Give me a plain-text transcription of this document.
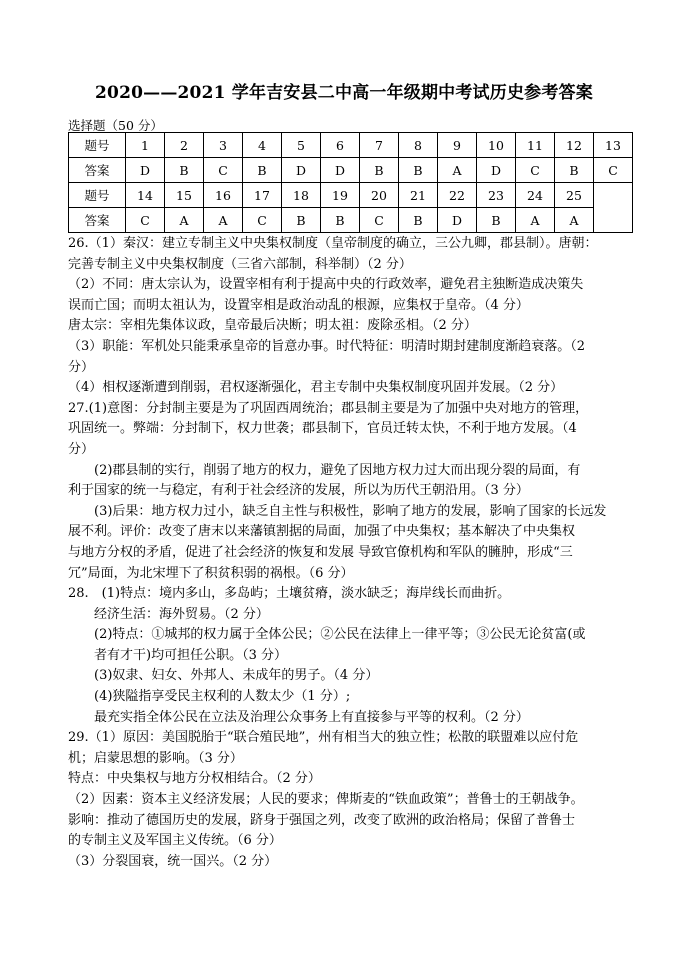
2020——2021 学年吉安县二中高一年级期中考试历史参考答案
选择题（50 分）
题号	1	2	3	4	5	6	7	8	9	10	11	12	13
答案	D	B	C	B	D	D	B	B	A	D	C	B	C
题号	14	15	16	17	18	19	20	21	22	23	24	25	
答案	C	A	A	C	B	B	C	B	D	B	A	A	

26.（1）秦汉：建立专制主义中央集权制度（皇帝制度的确立，三公九卿，郡县制）。唐朝：

完善专制主义中央集权制度（三省六部制，科举制）（2 分）

（2）不同：唐太宗认为，设置宰相有利于提高中央的行政效率，避免君主独断造成决策失

误而亡国；而明太祖认为，设置宰相是政治动乱的根源，应集权于皇帝。（4 分）

唐太宗：宰相先集体议政，皇帝最后决断；明太祖：废除丞相。（2 分）

（3）职能：军机处只能秉承皇帝的旨意办事。时代特征：明清时期封建制度渐趋衰落。（2

分）

（4）相权逐渐遭到削弱，君权逐渐强化，君主专制中央集权制度巩固并发展。（2 分）

27.(1)意图：分封制主要是为了巩固西周统治；郡县制主要是为了加强中央对地方的管理，

巩固统一。弊端：分封制下，权力世袭；郡县制下，官员迁转太快，不利于地方发展。（4

分）

(2)郡县制的实行，削弱了地方的权力，避免了因地方权力过大而出现分裂的局面，有

利于国家的统一与稳定，有利于社会经济的发展，所以为历代王朝沿用。（3 分）

(3)后果：地方权力过小，缺乏自主性与积极性，影响了地方的发展，影响了国家的长远发

展不利。评价：改变了唐末以来藩镇割据的局面，加强了中央集权；基本解决了中央集权

与地方分权的矛盾，促进了社会经济的恢复和发展 导致官僚机构和军队的臃肿，形成“三

冗”局面，为北宋埋下了积贫积弱的祸根。（6 分）

28.　(1)特点：境内多山，多岛屿；土壤贫瘠，淡水缺乏；海岸线长而曲折。

经济生活：海外贸易。（2 分）

(2)特点：①城邦的权力属于全体公民；②公民在法律上一律平等；③公民无论贫富(或

者有才干)均可担任公职。（3 分）

(3)奴隶、妇女、外邦人、未成年的男子。（4 分）

(4)狭隘指享受民主权利的人数太少（1 分）;

最充实指全体公民在立法及治理公众事务上有直接参与平等的权利。（2 分）

29.（1）原因：美国脱胎于“联合殖民地”，州有相当大的独立性；松散的联盟难以应付危

机；启蒙思想的影响。（3 分）

特点：中央集权与地方分权相结合。（2 分）

（2）因素：资本主义经济发展；人民的要求；俾斯麦的“铁血政策”；普鲁士的王朝战争。

影响：推动了德国历史的发展，跻身于强国之列，改变了欧洲的政治格局；保留了普鲁士

的专制主义及军国主义传统。（6 分）

（3）分裂国衰，统一国兴。（2 分）
